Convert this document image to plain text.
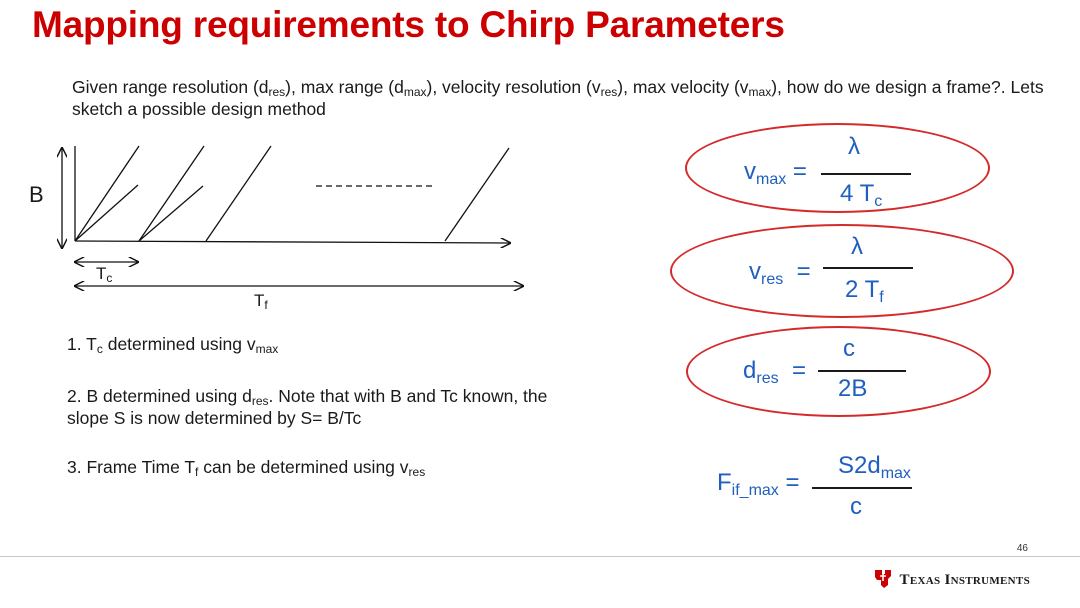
Mapping requirements to Chirp Parameters
Given range resolution $(d_{res})$, max range $(d_{max})$, velocity resolution $(v_{res})$, max velocity $(v_{max})$, how do we design a frame?. Lets sketch a possible design method
B
$T_c$
$T_f$
1. $T_c$ determined using $v_{max}$
2. B determined using $d_{res}$. Note that with B and Tc known, the slope S is now determined by S= B/Tc
3. Frame Time $T_f$ can be determined using $v_{res}$
$v_{max}$ =
λ
4 $T_c$
$v_{res}$ =
λ
2 $T_f$
$d_{res}$ =
c
2B
$F_{if\_max}$ =
$S2d_{max}$
c
46
Texas Instruments
